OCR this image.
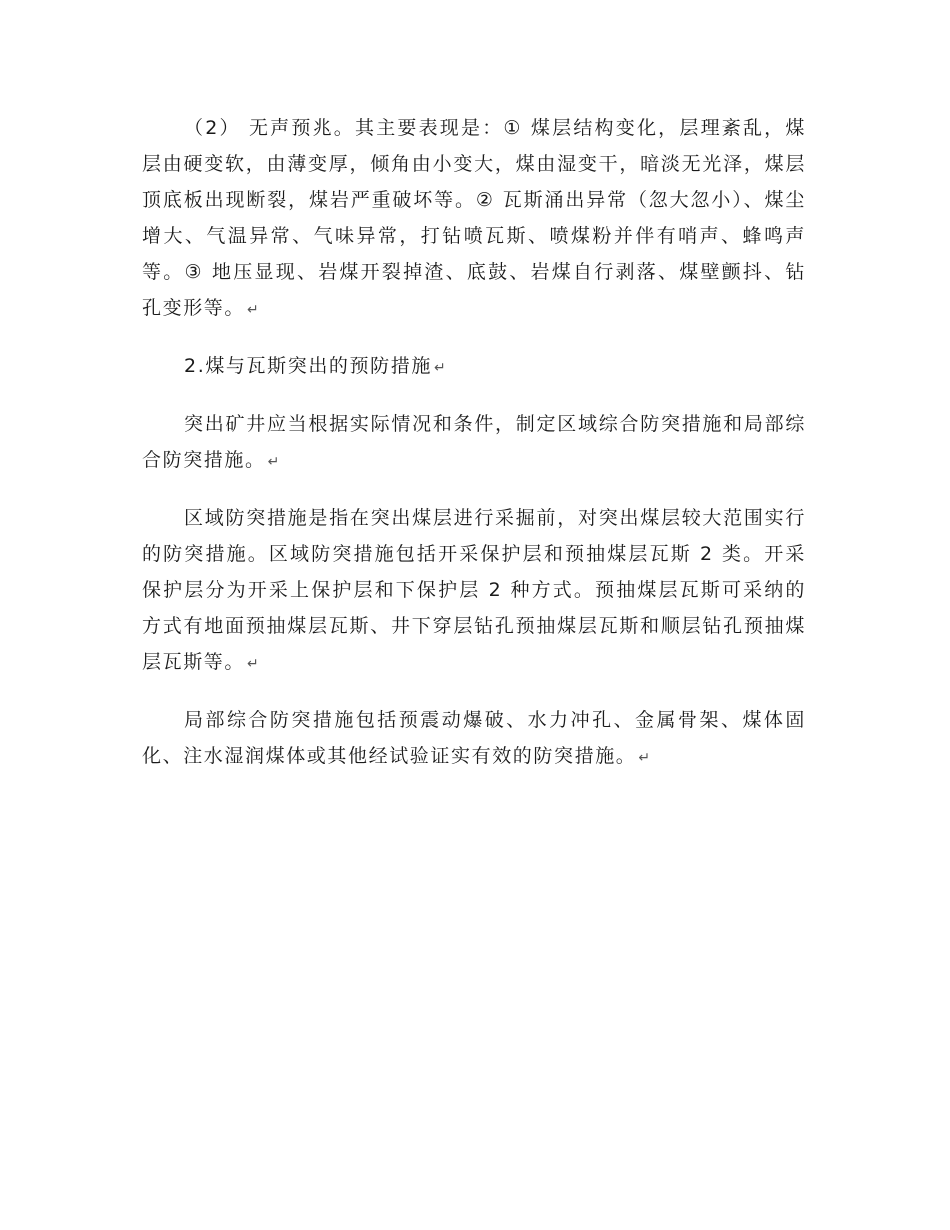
（2） 无声预兆。其主要表现是：① 煤层结构变化，层理紊乱，煤层由硬变软，由薄变厚，倾角由小变大，煤由湿变干，暗淡无光泽，煤层顶底板出现断裂，煤岩严重破坏等。② 瓦斯涌出异常（忽大忽小）、煤尘增大、气温异常、气味异常，打钻喷瓦斯、喷煤粉并伴有哨声、蜂鸣声等。③ 地压显现、岩煤开裂掉渣、底鼓、岩煤自行剥落、煤壁颤抖、钻孔变形等。 ↵

2.煤与瓦斯突出的预防措施 ↵

突出矿井应当根据实际情况和条件，制定区域综合防突措施和局部综合防突措施。 ↵

区域防突措施是指在突出煤层进行采掘前，对突出煤层较大范围实行的防突措施。区域防突措施包括开采保护层和预抽煤层瓦斯 2 类。开采保护层分为开采上保护层和下保护层 2 种方式。预抽煤层瓦斯可采纳的方式有地面预抽煤层瓦斯、井下穿层钻孔预抽煤层瓦斯和顺层钻孔预抽煤层瓦斯等。 ↵

局部综合防突措施包括预震动爆破、水力冲孔、金属骨架、煤体固化、注水湿润煤体或其他经试验证实有效的防突措施。 ↵
